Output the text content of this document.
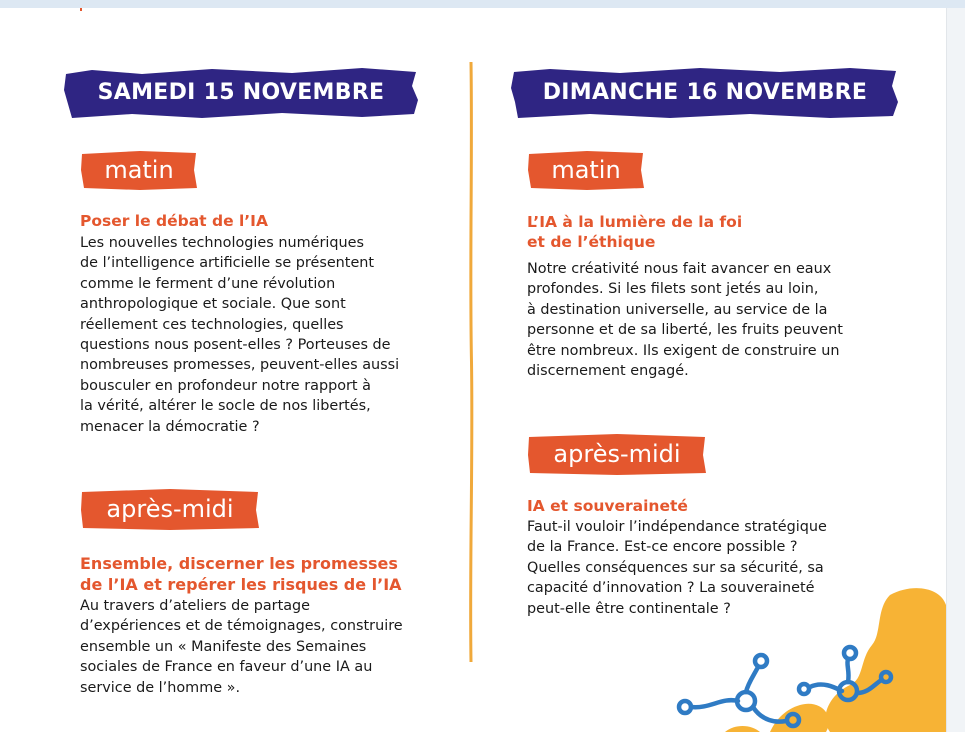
SAMEDI 15 NOVEMBRE
matin
Poser le débat de l’IA
Les nouvelles technologies numériques
de l’intelligence artificielle se présentent
comme le ferment d’une révolution
anthropologique et sociale. Que sont
réellement ces technologies, quelles
questions nous posent-elles ? Porteuses de
nombreuses promesses, peuvent-elles aussi
bousculer en profondeur notre rapport à
la vérité, altérer le socle de nos libertés,
menacer la démocratie ?
après-midi
Ensemble, discerner les promesses
de l’IA et repérer les risques de l’IA
Au travers d’ateliers de partage
d’expériences et de témoignages, construire
ensemble un « Manifeste des Semaines
sociales de France en faveur d’une IA au
service de l’homme ».
DIMANCHE 16 NOVEMBRE
matin
L’IA à la lumière de la foi
et de l’éthique
Notre créativité nous fait avancer en eaux
profondes. Si les filets sont jetés au loin,
à destination universelle, au service de la
personne et de sa liberté, les fruits peuvent
être nombreux. Ils exigent de construire un
discernement engagé.
après-midi
IA et souveraineté
Faut-il vouloir l’indépendance stratégique
de la France. Est-ce encore possible ?
Quelles conséquences sur sa sécurité, sa
capacité d’innovation ? La souveraineté
peut-elle être continentale ?
